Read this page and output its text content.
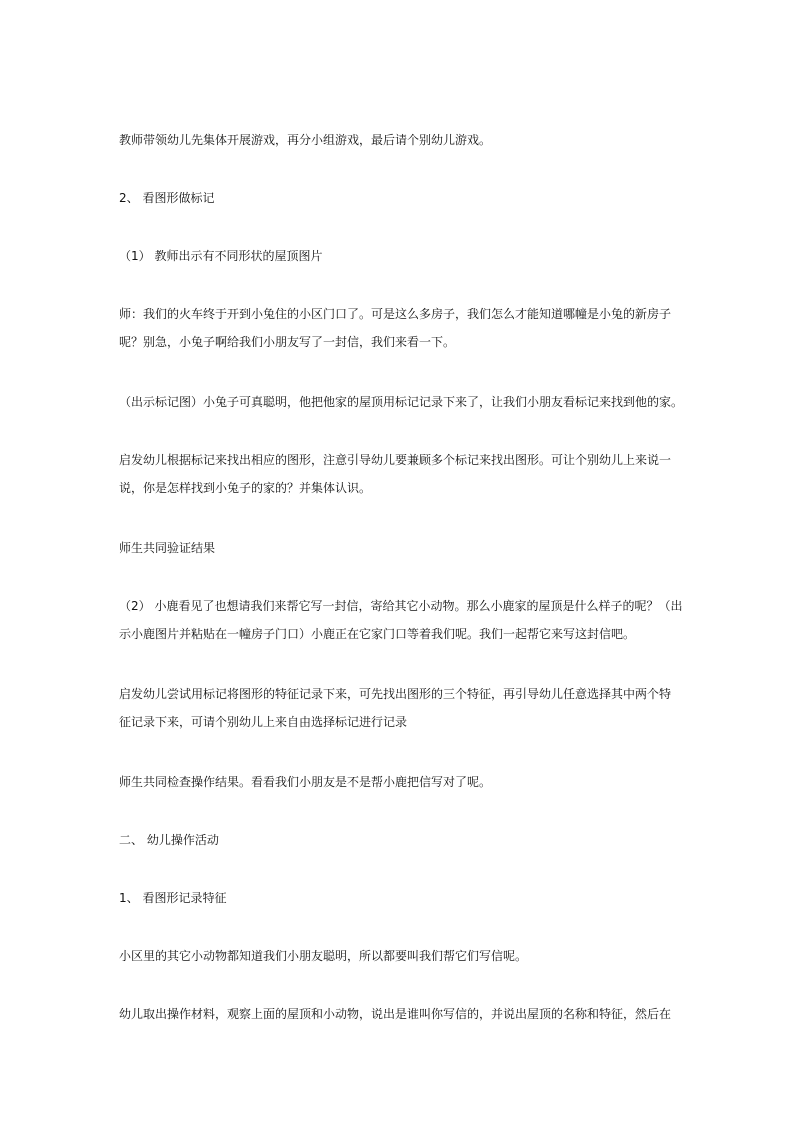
教师带领幼儿先集体开展游戏，再分小组游戏，最后请个别幼儿游戏。

2、 看图形做标记

（1） 教师出示有不同形状的屋顶图片

师：我们的火车终于开到小兔住的小区门口了。可是这么多房子，我们怎么才能知道哪幢是小兔的新房子
呢？别急，小兔子啊给我们小朋友写了一封信，我们来看一下。

（出示标记图）小兔子可真聪明，他把他家的屋顶用标记记录下来了，让我们小朋友看标记来找到他的家。

启发幼儿根据标记来找出相应的图形，注意引导幼儿要兼顾多个标记来找出图形。可让个别幼儿上来说一
说，你是怎样找到小兔子的家的？并集体认识。

师生共同验证结果

（2） 小鹿看见了也想请我们来帮它写一封信，寄给其它小动物。那么小鹿家的屋顶是什么样子的呢？（出
示小鹿图片并粘贴在一幢房子门口）小鹿正在它家门口等着我们呢。我们一起帮它来写这封信吧。

启发幼儿尝试用标记将图形的特征记录下来，可先找出图形的三个特征，再引导幼儿任意选择其中两个特
征记录下来，可请个别幼儿上来自由选择标记进行记录

师生共同检查操作结果。看看我们小朋友是不是帮小鹿把信写对了呢。

二、 幼儿操作活动

1、 看图形记录特征

小区里的其它小动物都知道我们小朋友聪明，所以都要叫我们帮它们写信呢。

幼儿取出操作材料，观察上面的屋顶和小动物，说出是谁叫你写信的，并说出屋顶的名称和特征，然后在
